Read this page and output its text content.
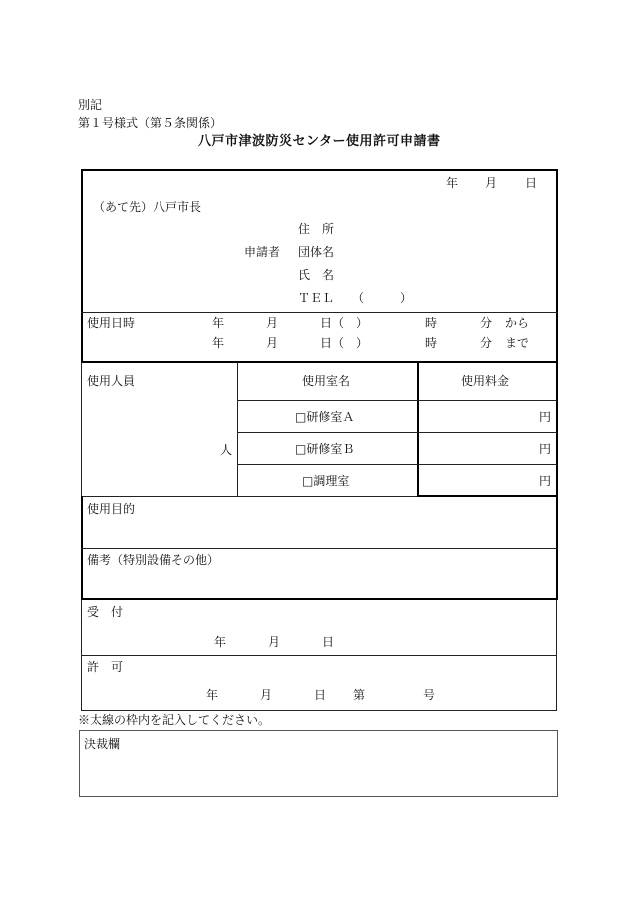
別記
第１号様式（第５条関係）
八戸市津波防災センター使用許可申請書
年 月 日
（あて先）八戸市長
住　所
申請者 団体名
氏　名
ＴＥＬ　　（　　　）
使用日時	年	月	日（　）	時	分 から
年	月	日（　）	時	分 まで
使用人員
人
使用室名	使用料金
□研修室Ａ	円
□研修室Ｂ	円
□調理室	円
使用目的
備考（特別設備その他）
受　付
年	月	日
許　可
年	月	日 第	号
※太線の枠内を記入してください。
決裁欄
